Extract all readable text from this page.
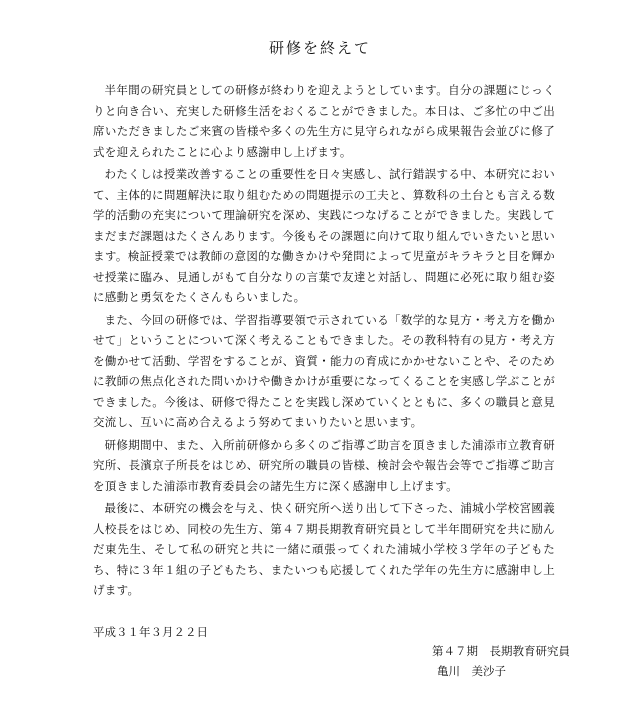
研修を終えて

半年間の研究員としての研修が終わりを迎えようとしています。自分の課題にじっくりと向き合い、充実した研修生活をおくることができました。本日は、ご多忙の中ご出席いただきましたご来賓の皆様や多くの先生方に見守られながら成果報告会並びに修了式を迎えられたことに心より感謝申し上げます。

わたくしは授業改善することの重要性を日々実感し、試行錯誤する中、本研究において、主体的に問題解決に取り組むための問題提示の工夫と、算数科の土台とも言える数学的活動の充実について理論研究を深め、実践につなげることができました。実践してまだまだ課題はたくさんあります。今後もその課題に向けて取り組んでいきたいと思います。検証授業では教師の意図的な働きかけや発問によって児童がキラキラと目を輝かせ授業に臨み、見通しがもて自分なりの言葉で友達と対話し、問題に必死に取り組む姿に感動と勇気をたくさんもらいました。

また、今回の研修では、学習指導要領で示されている「数学的な見方・考え方を働かせて」ということについて深く考えることもできました。その教科特有の見方・考え方を働かせて活動、学習をすることが、資質・能力の育成にかかせないことや、そのために教師の焦点化された問いかけや働きかけが重要になってくることを実感し学ぶことができました。今後は、研修で得たことを実践し深めていくとともに、多くの職員と意見交流し、互いに高め合えるよう努めてまいりたいと思います。

研修期間中、また、入所前研修から多くのご指導ご助言を頂きました浦添市立教育研究所、長濱京子所長をはじめ、研究所の職員の皆様、検討会や報告会等でご指導ご助言を頂きました浦添市教育委員会の諸先生方に深く感謝申し上げます。

最後に、本研究の機会を与え、快く研究所へ送り出して下さった、浦城小学校宮國義人校長をはじめ、同校の先生方、第４７期長期教育研究員として半年間研究を共に励んだ東先生、そして私の研究と共に一緒に頑張ってくれた浦城小学校３学年の子どもたち、特に３年１組の子どもたち、またいつも応援してくれた学年の先生方に感謝申し上げます。

平成３１年３月２２日

第４７期　長期教育研究員
亀川　美沙子
